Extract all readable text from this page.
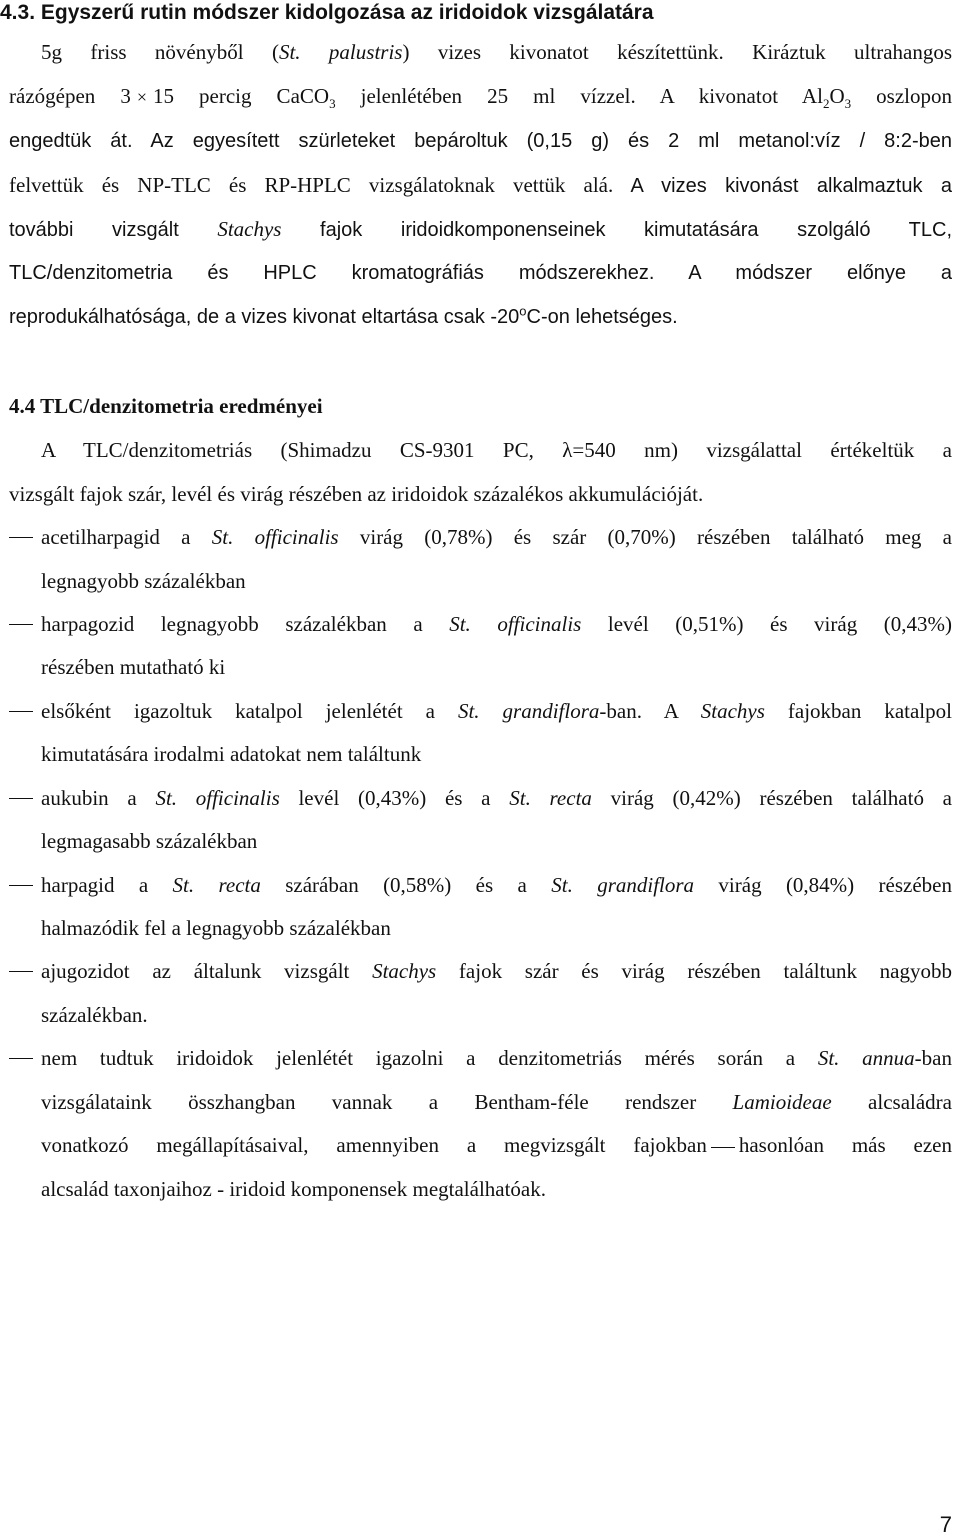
4.3. Egyszerű rutin módszer kidolgozása az iridoidok vizsgálatára
5g friss növényből (St. palustris) vizes kivonatot készítettünk. Kiráztuk ultrahangos
rázógépen 3 × 15 percig CaCO$_3$ jelenlétében 25 ml vízzel. A kivonatot $Al_2O_3$ oszlopon
engedtük át. Az egyesített szürleteket bepároltuk (0,15 g) és 2 ml metanol:víz / 8:2-ben
felvettük és NP-TLC és RP-HPLC vizsgálatoknak vettük alá. A vizes kivonást alkalmaztuk a
további vizsgált Stachys fajok iridoidkomponenseinek kimutatására szolgáló TLC,
TLC/denzitometria és HPLC kromatográfiás módszerekhez. A módszer előnye a
reprodukálhatósága, de a vizes kivonat eltartása csak -20$^o$C-on lehetséges.
4.4 TLC/denzitometria eredményei
A TLC/denzitometriás (Shimadzu CS-9301 PC, λ=540 nm) vizsgálattal értékeltük a
vizsgált fajok szár, levél és virág részében az iridoidok százalékos akkumulációját.
acetilharpagid a St. officinalis virág (0,78%) és szár (0,70%) részében található meg a
legnagyobb százalékban
harpagozid legnagyobb százalékban a St. officinalis levél (0,51%) és virág (0,43%)
részében mutatható ki
elsőként igazoltuk katalpol jelenlétét a St. grandiflora-ban. A Stachys fajokban katalpol
kimutatására irodalmi adatokat nem találtunk
aukubin a St. officinalis levél (0,43%) és a St. recta virág (0,42%) részében található a
legmagasabb százalékban
harpagid a St. recta szárában (0,58%) és a St. grandiflora virág (0,84%) részében
halmazódik fel a legnagyobb százalékban
ajugozidot az általunk vizsgált Stachys fajok szár és virág részében találtunk nagyobb
százalékban.
nem tudtuk iridoidok jelenlétét igazolni a denzitometriás mérés során a St. annua-ban
vizsgálataink összhangban vannak a Bentham-féle rendszer Lamioideae alcsaládra
vonatkozó megállapításaival, amennyiben a megvizsgált fajokban hasonlóan más ezen
alcsalád taxonjaihoz - iridoid komponensek megtalálhatóak.
7
